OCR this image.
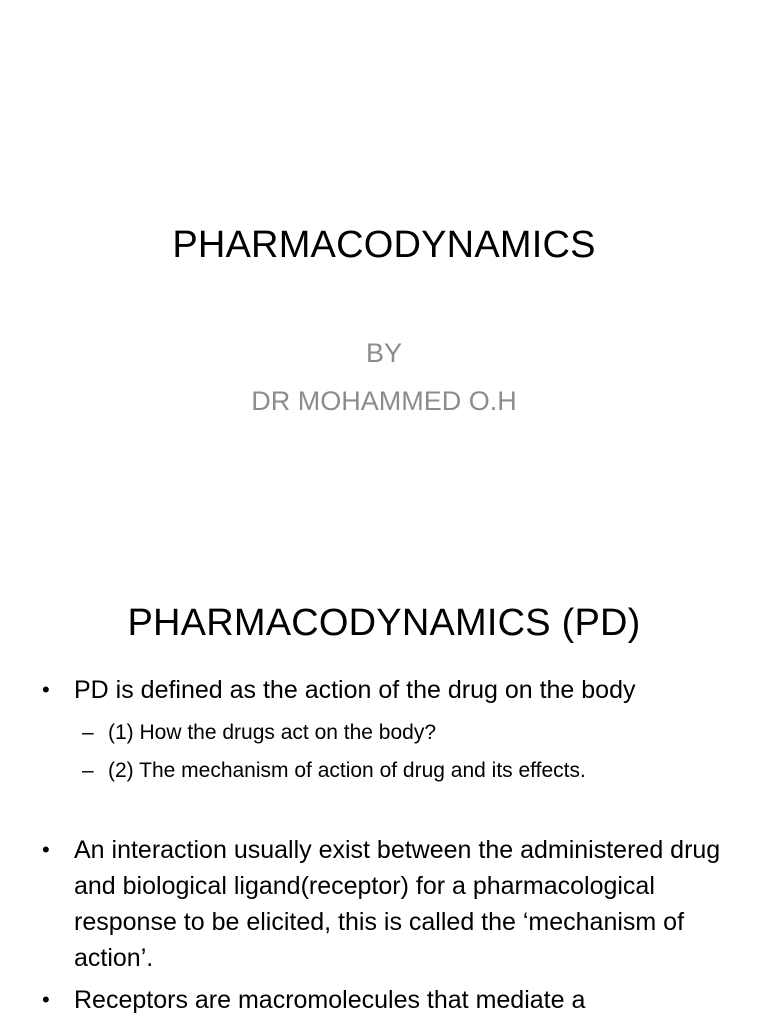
PHARMACODYNAMICS
BY
DR MOHAMMED O.H
PHARMACODYNAMICS (PD)
• PD is defined as the action of the drug on the body
– (1) How the drugs act on the body?
– (2) The mechanism of action of drug and its effects.
• An interaction usually exist between the administered drug and biological ligand(receptor) for a pharmacological response to be elicited, this is called the ‘mechanism of action’.
• Receptors are macromolecules that mediate a
